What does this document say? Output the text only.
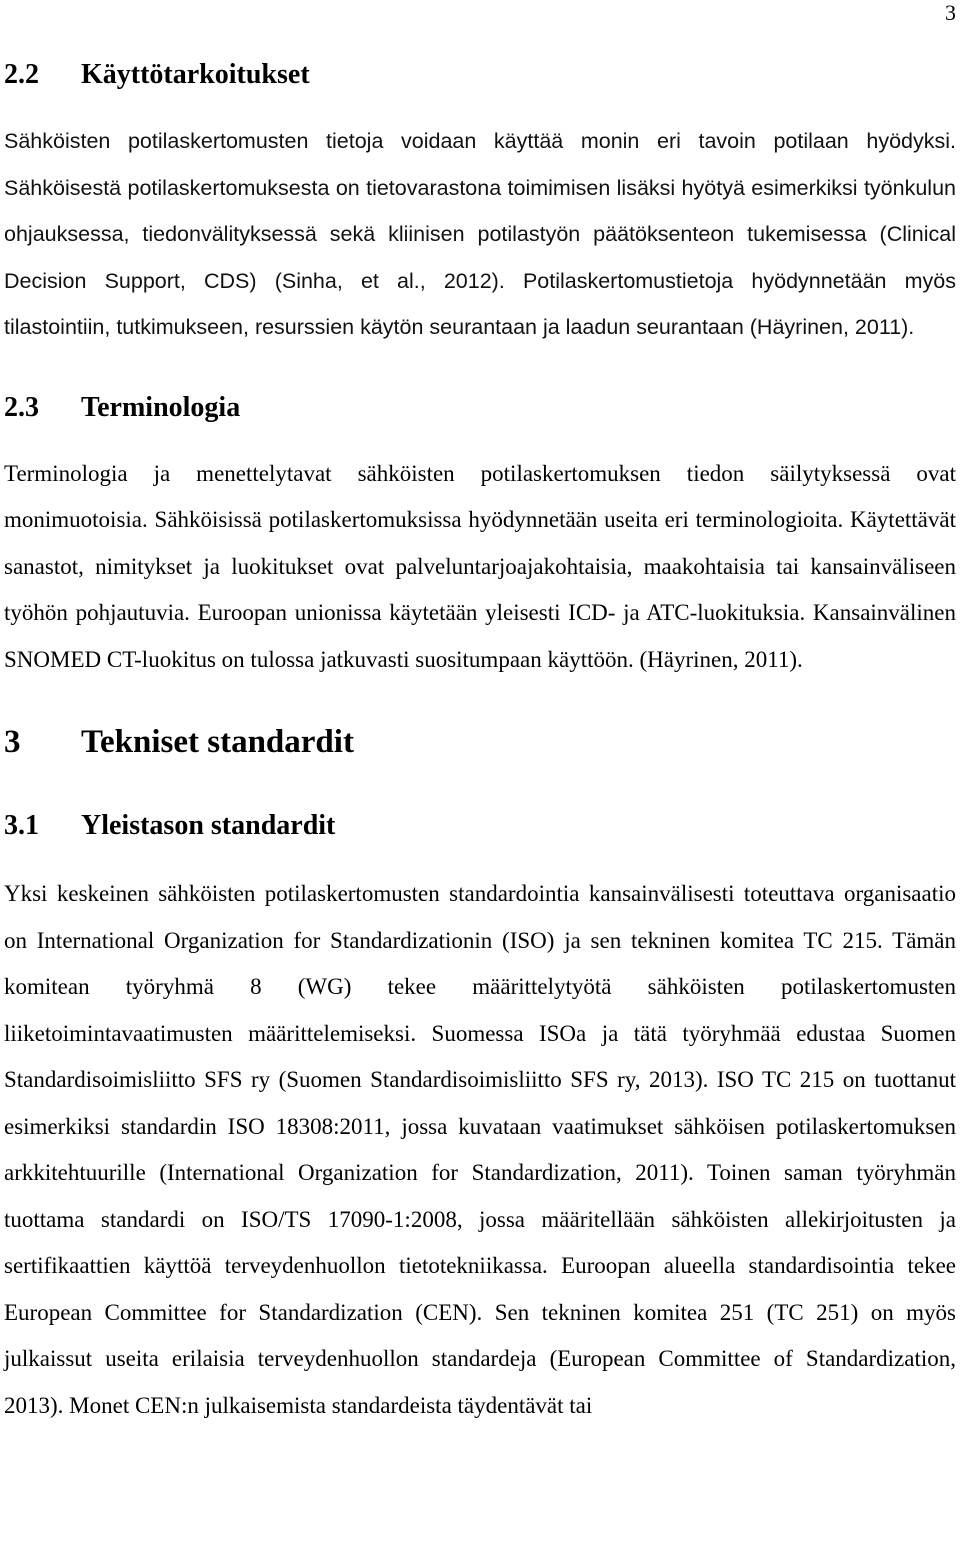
3
2.2	Käyttötarkoitukset

Sähköisten potilaskertomusten tietoja voidaan käyttää monin eri tavoin potilaan hyödyksi. Sähköisestä potilaskertomuksesta on tietovarastona toimimisen lisäksi hyötyä esimerkiksi työnkulun ohjauksessa, tiedonvälityksessä sekä kliinisen potilastyön päätöksenteon tukemisessa (Clinical Decision Support, CDS) (Sinha, et al., 2012). Potilaskertomustietoja hyödynnetään myös tilastointiin, tutkimukseen, resurssien käytön seurantaan ja laadun seurantaan (Häyrinen, 2011).

2.3	Terminologia

Terminologia ja menettelytavat sähköisten potilaskertomuksen tiedon säilytyksessä ovat monimuotoisia. Sähköisissä potilaskertomuksissa hyödynnetään useita eri terminologioita. Käytettävät sanastot, nimitykset ja luokitukset ovat palveluntarjoajakohtaisia, maakohtaisia tai kansainväliseen työhön pohjautuvia. Euroopan unionissa käytetään yleisesti ICD- ja ATC-luokituksia. Kansainvälinen SNOMED CT-luokitus on tulossa jatkuvasti suositumpaan käyttöön. (Häyrinen, 2011).

3	Tekniset standardit
3.1	Yleistason standardit

Yksi keskeinen sähköisten potilaskertomusten standardointia kansainvälisesti toteuttava organisaatio on International Organization for Standardizationin (ISO) ja sen tekninen komitea TC 215. Tämän komitean työryhmä 8 (WG) tekee määrittelytyötä sähköisten potilaskertomusten liiketoimintavaatimusten määrittelemiseksi. Suomessa ISOa ja tätä työryhmää edustaa Suomen Standardisoimisliitto SFS ry (Suomen Standardisoimisliitto SFS ry, 2013). ISO TC 215 on tuottanut esimerkiksi standardin ISO 18308:2011, jossa kuvataan vaatimukset sähköisen potilaskertomuksen arkkitehtuurille (International Organization for Standardization, 2011). Toinen saman työryhmän tuottama standardi on ISO/TS 17090-1:2008, jossa määritellään sähköisten allekirjoitusten ja sertifikaattien käyttöä terveydenhuollon tietotekniikassa. Euroopan alueella standardisointia tekee European Committee for Standardization (CEN). Sen tekninen komitea 251 (TC 251) on myös julkaissut useita erilaisia terveydenhuollon standardeja (European Committee of Standardization, 2013). Monet CEN:n julkaisemista standardeista täydentävät tai
